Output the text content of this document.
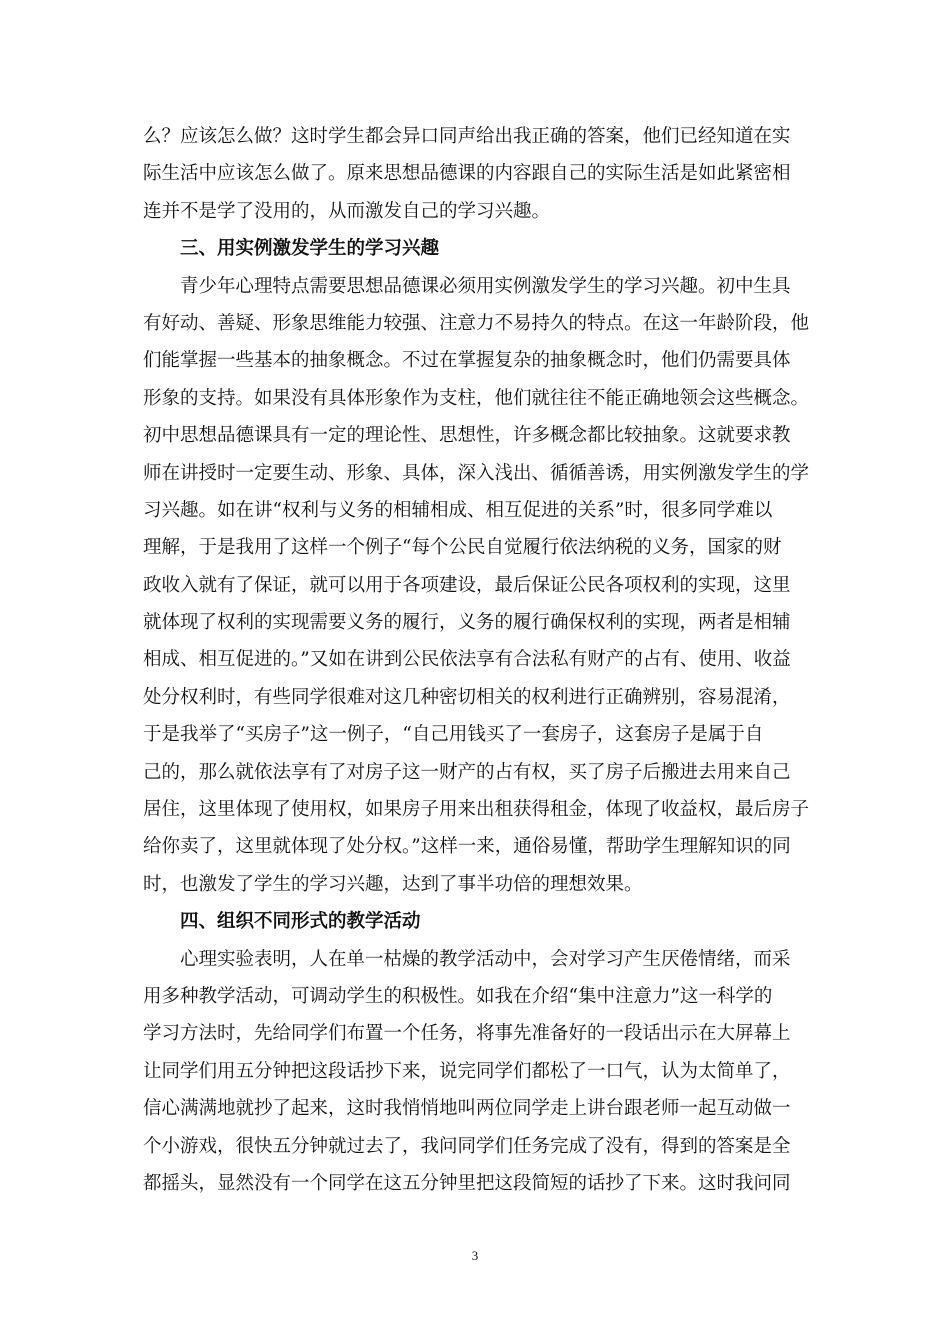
么？应该怎么做？这时学生都会异口同声给出我正确的答案，他们已经知道在实
际生活中应该怎么做了。原来思想品德课的内容跟自己的实际生活是如此紧密相
连并不是学了没用的，从而激发自己的学习兴趣。
三、用实例激发学生的学习兴趣
青少年心理特点需要思想品德课必须用实例激发学生的学习兴趣。初中生具
有好动、善疑、形象思维能力较强、注意力不易持久的特点。在这一年龄阶段，他
们能掌握一些基本的抽象概念。不过在掌握复杂的抽象概念时，他们仍需要具体
形象的支持。如果没有具体形象作为支柱，他们就往往不能正确地领会这些概念。
初中思想品德课具有一定的理论性、思想性，许多概念都比较抽象。这就要求教
师在讲授时一定要生动、形象、具体，深入浅出、循循善诱，用实例激发学生的学
习兴趣。如在讲“权利与义务的相辅相成、相互促进的关系”时，很多同学难以
理解，于是我用了这样一个例子“每个公民自觉履行依法纳税的义务，国家的财
政收入就有了保证，就可以用于各项建设，最后保证公民各项权利的实现，这里
就体现了权利的实现需要义务的履行，义务的履行确保权利的实现，两者是相辅
相成、相互促进的。”又如在讲到公民依法享有合法私有财产的占有、使用、收益
处分权利时，有些同学很难对这几种密切相关的权利进行正确辨别，容易混淆，
于是我举了“买房子”这一例子，“自己用钱买了一套房子，这套房子是属于自
己的，那么就依法享有了对房子这一财产的占有权，买了房子后搬进去用来自己
居住，这里体现了使用权，如果房子用来出租获得租金，体现了收益权，最后房子
给你卖了，这里就体现了处分权。”这样一来，通俗易懂，帮助学生理解知识的同
时，也激发了学生的学习兴趣，达到了事半功倍的理想效果。
四、组织不同形式的教学活动
心理实验表明，人在单一枯燥的教学活动中，会对学习产生厌倦情绪，而采
用多种教学活动，可调动学生的积极性。如我在介绍“集中注意力”这一科学的
学习方法时，先给同学们布置一个任务，将事先准备好的一段话出示在大屏幕上
让同学们用五分钟把这段话抄下来，说完同学们都松了一口气，认为太简单了，
信心满满地就抄了起来，这时我悄悄地叫两位同学走上讲台跟老师一起互动做一
个小游戏，很快五分钟就过去了，我问同学们任务完成了没有，得到的答案是全
都摇头，显然没有一个同学在这五分钟里把这段简短的话抄了下来。这时我问同
3
